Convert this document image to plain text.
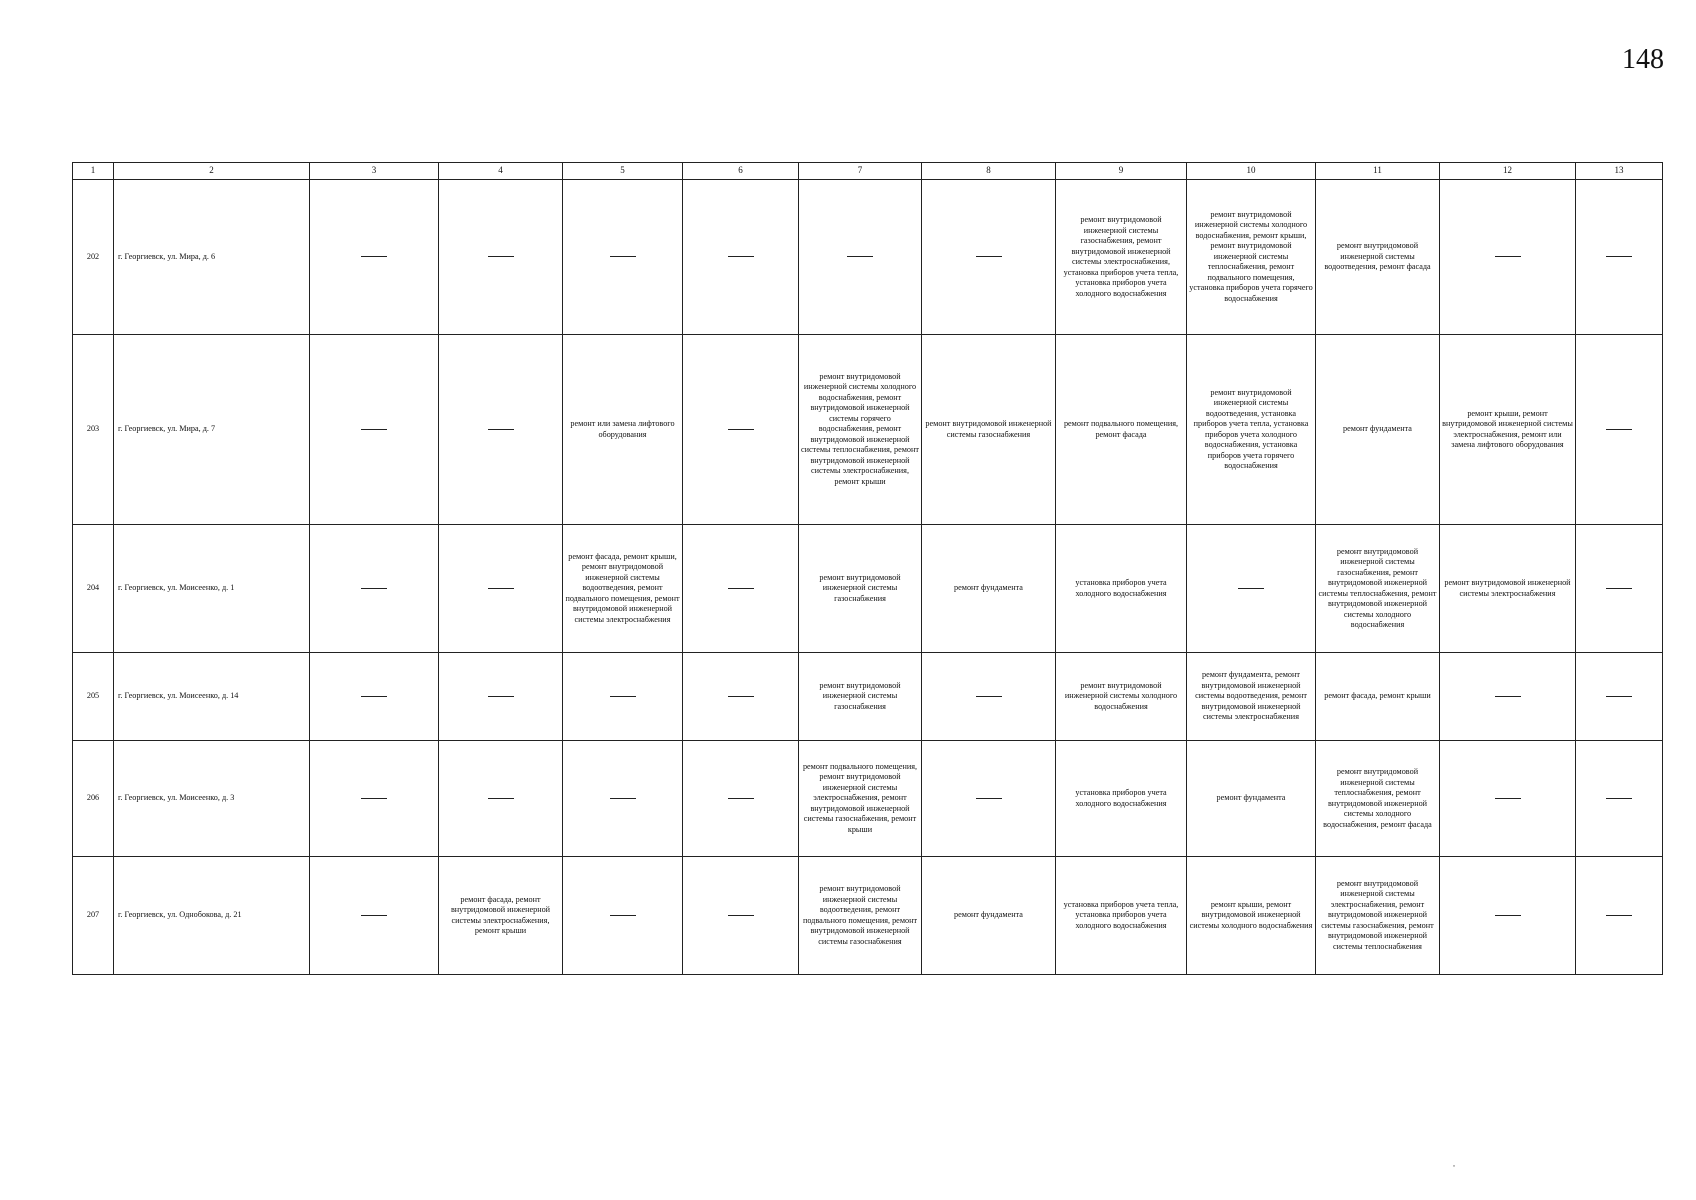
148
1	2	3	4	5	6	7	8	9	10	11	12	13
202	г. Георгиевск, ул. Мира, д. 6							ремонт внутридомовой инженерной системы газоснабжения, ремонт внутридомовой инженерной системы электроснабжения, установка приборов учета тепла, установка приборов учета холодного водоснабжения	ремонт внутридомовой инженерной системы холодного водоснабжения, ремонт крыши, ремонт внутридомовой инженерной системы теплоснабжения, ремонт подвального помещения, установка приборов учета горячего водоснабжения	ремонт внутридомовой инженерной системы водоотведения, ремонт фасада		
203	г. Георгиевск, ул. Мира, д. 7			ремонт или замена лифтового оборудования		ремонт внутридомовой инженерной системы холодного водоснабжения, ремонт внутридомовой инженерной системы горячего водоснабжения, ремонт внутридомовой инженерной системы теплоснабжения, ремонт внутридомовой инженерной системы электроснабжения, ремонт крыши	ремонт внутридомовой инженерной системы газоснабжения	ремонт подвального помещения, ремонт фасада	ремонт внутридомовой инженерной системы водоотведения, установка приборов учета тепла, установка приборов учета холодного водоснабжения, установка приборов учета горячего водоснабжения	ремонт фундамента	ремонт крыши, ремонт внутридомовой инженерной системы электроснабжения, ремонт или замена лифтового оборудования	
204	г. Георгиевск, ул. Моисеенко, д. 1			ремонт фасада, ремонт крыши, ремонт внутридомовой инженерной системы водоотведения, ремонт подвального помещения, ремонт внутридомовой инженерной системы электроснабжения		ремонт внутридомовой инженерной системы газоснабжения	ремонт фундамента	установка приборов учета холодного водоснабжения		ремонт внутридомовой инженерной системы газоснабжения, ремонт внутридомовой инженерной системы теплоснабжения, ремонт внутридомовой инженерной системы холодного водоснабжения	ремонт внутридомовой инженерной системы электроснабжения	
205	г. Георгиевск, ул. Моисеенко, д. 14					ремонт внутридомовой инженерной системы газоснабжения		ремонт внутридомовой инженерной системы холодного водоснабжения	ремонт фундамента, ремонт внутридомовой инженерной системы водоотведения, ремонт внутридомовой инженерной системы электроснабжения	ремонт фасада, ремонт крыши		
206	г. Георгиевск, ул. Моисеенко, д. 3					ремонт подвального помещения, ремонт внутридомовой инженерной системы электроснабжения, ремонт внутридомовой инженерной системы газоснабжения, ремонт крыши		установка приборов учета холодного водоснабжения	ремонт фундамента	ремонт внутридомовой инженерной системы теплоснабжения, ремонт внутридомовой инженерной системы холодного водоснабжения, ремонт фасада		
207	г. Георгиевск, ул. Однобокова, д. 21		ремонт фасада, ремонт внутридомовой инженерной системы электроснабжения, ремонт крыши			ремонт внутридомовой инженерной системы водоотведения, ремонт подвального помещения, ремонт внутридомовой инженерной системы газоснабжения	ремонт фундамента	установка приборов учета тепла, установка приборов учета холодного водоснабжения	ремонт крыши, ремонт внутридомовой инженерной системы холодного водоснабжения	ремонт внутридомовой инженерной системы электроснабжения, ремонт внутридомовой инженерной системы газоснабжения, ремонт внутридомовой инженерной системы теплоснабжения		
˙
